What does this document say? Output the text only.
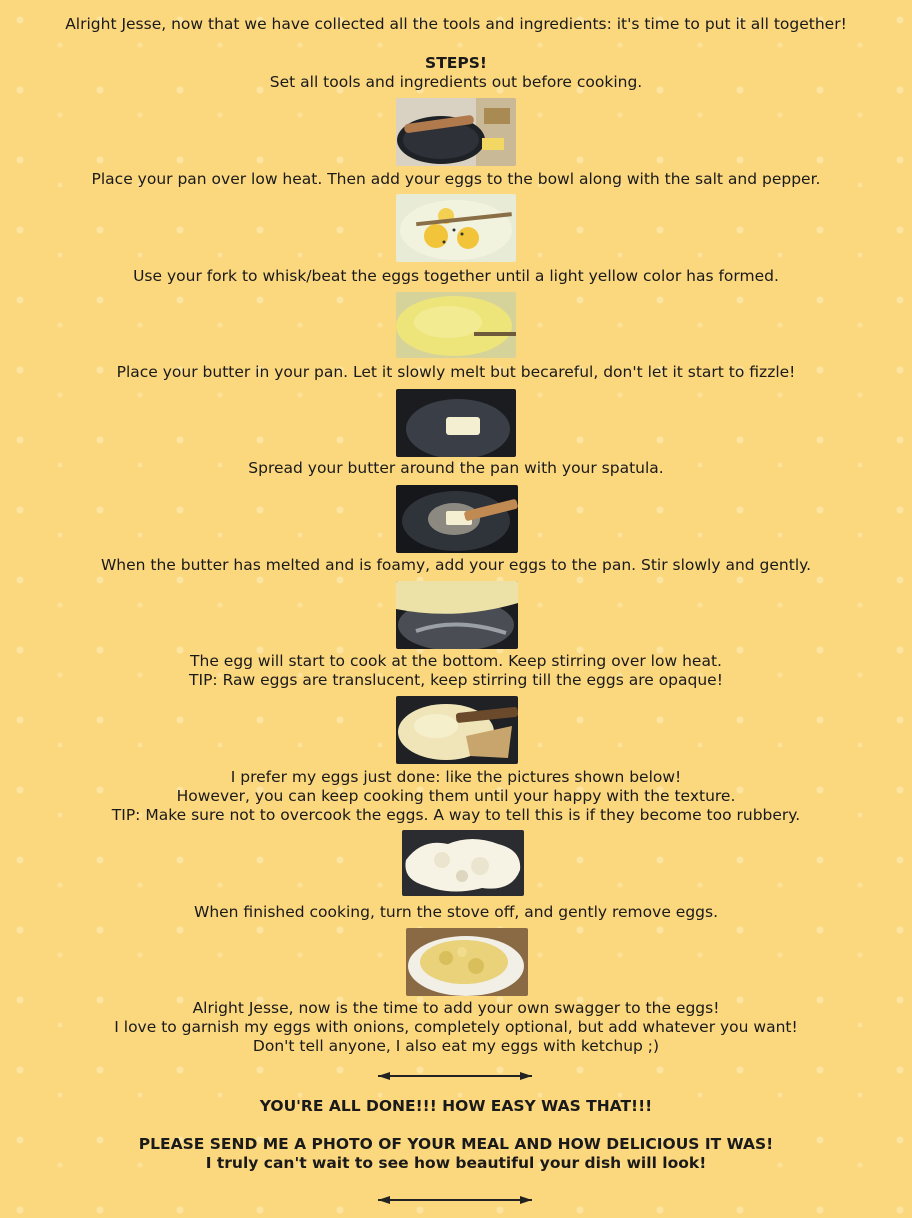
Alright Jesse, now that we have collected all the tools and ingredients: it's time to put it all together!
STEPS!
Set all tools and ingredients out before cooking.
Place your pan over low heat. Then add your eggs to the bowl along with the salt and pepper.
Use your fork to whisk/beat the eggs together until a light yellow color has formed.
Place your butter in your pan. Let it slowly melt but becareful, don't let it start to fizzle!
Spread your butter around the pan with your spatula.
When the butter has melted and is foamy, add your eggs to the pan. Stir slowly and gently.
The egg will start to cook at the bottom. Keep stirring over low heat.
TIP: Raw eggs are translucent, keep stirring till the eggs are opaque!
I prefer my eggs just done: like the pictures shown below!
However, you can keep cooking them until your happy with the texture.
TIP: Make sure not to overcook the eggs. A way to tell this is if they become too rubbery.
When finished cooking, turn the stove off, and gently remove eggs.
Alright Jesse, now is the time to add your own swagger to the eggs!
I love to garnish my eggs with onions, completely optional, but add whatever you want!
Don't tell anyone, I also eat my eggs with ketchup ;)
YOU'RE ALL DONE!!! HOW EASY WAS THAT!!!
PLEASE SEND ME A PHOTO OF YOUR MEAL AND HOW DELICIOUS IT WAS!
I truly can't wait to see how beautiful your dish will look!
